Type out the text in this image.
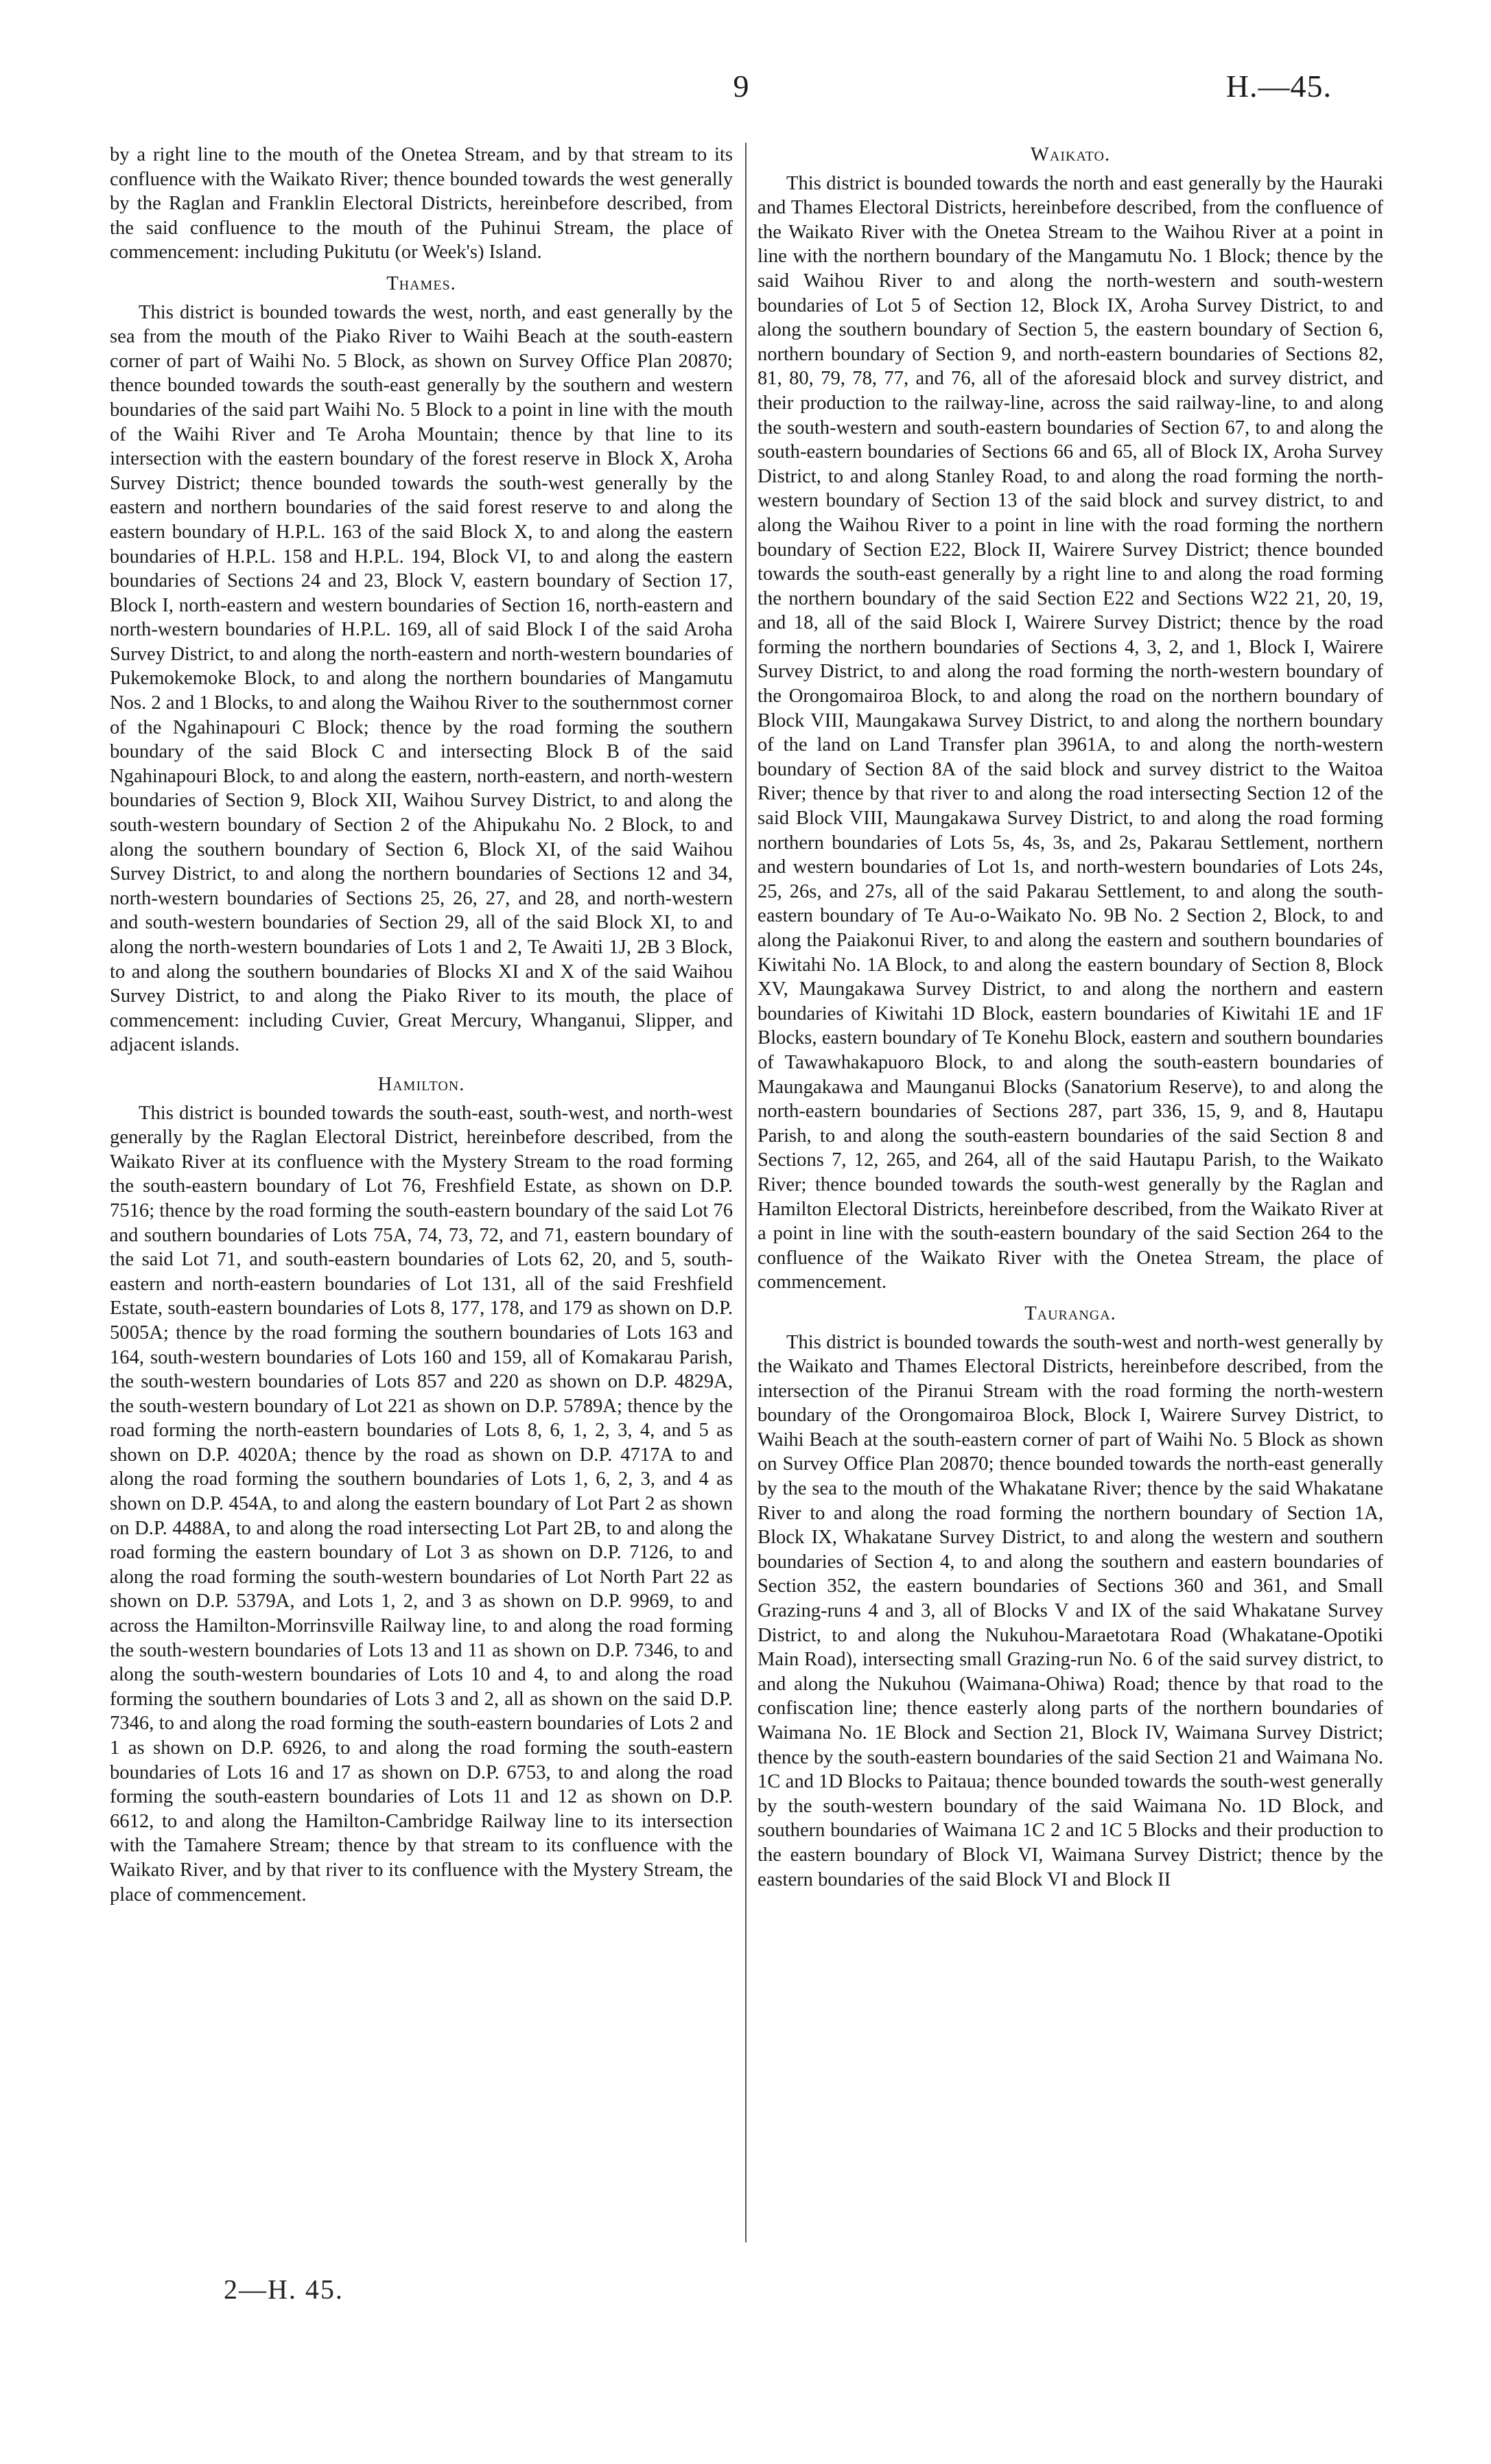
9	H.—45.

by a right line to the mouth of the Onetea Stream, and by that stream to its confluence with the Waikato River; thence bounded towards the west generally by the Raglan and Franklin Electoral Districts, hereinbefore described, from the said confluence to the mouth of the Puhinui Stream, the place of commencement: including Pukitutu (or Week's) Island.

Thames.

This district is bounded towards the west, north, and east generally by the sea from the mouth of the Piako River to Waihi Beach at the south-eastern corner of part of Waihi No. 5 Block, as shown on Survey Office Plan 20870; thence bounded towards the south-east generally by the southern and western boundaries of the said part Waihi No. 5 Block to a point in line with the mouth of the Waihi River and Te Aroha Mountain; thence by that line to its intersection with the eastern boundary of the forest reserve in Block X, Aroha Survey District; thence bounded towards the south-west generally by the eastern and northern boundaries of the said forest reserve to and along the eastern boundary of H.P.L. 163 of the said Block X, to and along the eastern boundaries of H.P.L. 158 and H.P.L. 194, Block VI, to and along the eastern boundaries of Sections 24 and 23, Block V, eastern boundary of Section 17, Block I, north-eastern and western boundaries of Section 16, north-eastern and north-western boundaries of H.P.L. 169, all of said Block I of the said Aroha Survey District, to and along the north-eastern and north-western boundaries of Pukemokemoke Block, to and along the northern boundaries of Mangamutu Nos. 2 and 1 Blocks, to and along the Waihou River to the southernmost corner of the Ngahinapouri C Block; thence by the road forming the southern boundary of the said Block C and intersecting Block B of the said Ngahinapouri Block, to and along the eastern, north-eastern, and north-western boundaries of Section 9, Block XII, Waihou Survey District, to and along the south-western boundary of Section 2 of the Ahipukahu No. 2 Block, to and along the southern boundary of Section 6, Block XI, of the said Waihou Survey District, to and along the northern boundaries of Sections 12 and 34, north-western boundaries of Sections 25, 26, 27, and 28, and north-western and south-western boundaries of Section 29, all of the said Block XI, to and along the north-western boundaries of Lots 1 and 2, Te Awaiti 1J, 2B 3 Block, to and along the southern boundaries of Blocks XI and X of the said Waihou Survey District, to and along the Piako River to its mouth, the place of commencement: including Cuvier, Great Mercury, Whanganui, Slipper, and adjacent islands.

Hamilton.

This district is bounded towards the south-east, south-west, and north-west generally by the Raglan Electoral District, hereinbefore described, from the Waikato River at its confluence with the Mystery Stream to the road forming the south-eastern boundary of Lot 76, Freshfield Estate, as shown on D.P. 7516; thence by the road forming the south-eastern boundary of the said Lot 76 and southern boundaries of Lots 75A, 74, 73, 72, and 71, eastern boundary of the said Lot 71, and south-eastern boundaries of Lots 62, 20, and 5, south-eastern and north-eastern boundaries of Lot 131, all of the said Freshfield Estate, south-eastern boundaries of Lots 8, 177, 178, and 179 as shown on D.P. 5005A; thence by the road forming the southern boundaries of Lots 163 and 164, south-western boundaries of Lots 160 and 159, all of Komakarau Parish, the south-western boundaries of Lots 857 and 220 as shown on D.P. 4829A, the south-western boundary of Lot 221 as shown on D.P. 5789A; thence by the road forming the north-eastern boundaries of Lots 8, 6, 1, 2, 3, 4, and 5 as shown on D.P. 4020A; thence by the road as shown on D.P. 4717A to and along the road forming the southern boundaries of Lots 1, 6, 2, 3, and 4 as shown on D.P. 454A, to and along the eastern boundary of Lot Part 2 as shown on D.P. 4488A, to and along the road intersecting Lot Part 2B, to and along the road forming the eastern boundary of Lot 3 as shown on D.P. 7126, to and along the road forming the south-western boundaries of Lot North Part 22 as shown on D.P. 5379A, and Lots 1, 2, and 3 as shown on D.P. 9969, to and across the Hamilton-Morrinsville Railway line, to and along the road forming the south-western boundaries of Lots 13 and 11 as shown on D.P. 7346, to and along the south-western boundaries of Lots 10 and 4, to and along the road forming the southern boundaries of Lots 3 and 2, all as shown on the said D.P. 7346, to and along the road forming the south-eastern boundaries of Lots 2 and 1 as shown on D.P. 6926, to and along the road forming the south-eastern boundaries of Lots 16 and 17 as shown on D.P. 6753, to and along the road forming the south-eastern boundaries of Lots 11 and 12 as shown on D.P. 6612, to and along the Hamilton-Cambridge Railway line to its intersection with the Tamahere Stream; thence by that stream to its confluence with the Waikato River, and by that river to its confluence with the Mystery Stream, the place of commencement.

Waikato.

This district is bounded towards the north and east generally by the Hauraki and Thames Electoral Districts, hereinbefore described, from the confluence of the Waikato River with the Onetea Stream to the Waihou River at a point in line with the northern boundary of the Mangamutu No. 1 Block; thence by the said Waihou River to and along the north-western and south-western boundaries of Lot 5 of Section 12, Block IX, Aroha Survey District, to and along the southern boundary of Section 5, the eastern boundary of Section 6, northern boundary of Section 9, and north-eastern boundaries of Sections 82, 81, 80, 79, 78, 77, and 76, all of the aforesaid block and survey district, and their production to the railway-line, across the said railway-line, to and along the south-western and south-eastern boundaries of Section 67, to and along the south-eastern boundaries of Sections 66 and 65, all of Block IX, Aroha Survey District, to and along Stanley Road, to and along the road forming the north-western boundary of Section 13 of the said block and survey district, to and along the Waihou River to a point in line with the road forming the northern boundary of Section E22, Block II, Wairere Survey District; thence bounded towards the south-east generally by a right line to and along the road forming the northern boundary of the said Section E22 and Sections W22 21, 20, 19, and 18, all of the said Block I, Wairere Survey District; thence by the road forming the northern boundaries of Sections 4, 3, 2, and 1, Block I, Wairere Survey District, to and along the road forming the north-western boundary of the Orongomairoa Block, to and along the road on the northern boundary of Block VIII, Maungakawa Survey District, to and along the northern boundary of the land on Land Transfer plan 3961A, to and along the north-western boundary of Section 8A of the said block and survey district to the Waitoa River; thence by that river to and along the road intersecting Section 12 of the said Block VIII, Maungakawa Survey District, to and along the road forming northern boundaries of Lots 5s, 4s, 3s, and 2s, Pakarau Settlement, northern and western boundaries of Lot 1s, and north-western boundaries of Lots 24s, 25, 26s, and 27s, all of the said Pakarau Settlement, to and along the south-eastern boundary of Te Au-o-Waikato No. 9B No. 2 Section 2, Block, to and along the Paiakonui River, to and along the eastern and southern boundaries of Kiwitahi No. 1A Block, to and along the eastern boundary of Section 8, Block XV, Maungakawa Survey District, to and along the northern and eastern boundaries of Kiwitahi 1D Block, eastern boundaries of Kiwitahi 1E and 1F Blocks, eastern boundary of Te Konehu Block, eastern and southern boundaries of Tawawhakapuoro Block, to and along the south-eastern boundaries of Maungakawa and Maunganui Blocks (Sanatorium Reserve), to and along the north-eastern boundaries of Sections 287, part 336, 15, 9, and 8, Hautapu Parish, to and along the south-eastern boundaries of the said Section 8 and Sections 7, 12, 265, and 264, all of the said Hautapu Parish, to the Waikato River; thence bounded towards the south-west generally by the Raglan and Hamilton Electoral Districts, hereinbefore described, from the Waikato River at a point in line with the south-eastern boundary of the said Section 264 to the confluence of the Waikato River with the Onetea Stream, the place of commencement.

Tauranga.

This district is bounded towards the south-west and north-west generally by the Waikato and Thames Electoral Districts, hereinbefore described, from the intersection of the Piranui Stream with the road forming the north-western boundary of the Orongomairoa Block, Block I, Wairere Survey District, to Waihi Beach at the south-eastern corner of part of Waihi No. 5 Block as shown on Survey Office Plan 20870; thence bounded towards the north-east generally by the sea to the mouth of the Whakatane River; thence by the said Whakatane River to and along the road forming the northern boundary of Section 1A, Block IX, Whakatane Survey District, to and along the western and southern boundaries of Section 4, to and along the southern and eastern boundaries of Section 352, the eastern boundaries of Sections 360 and 361, and Small Grazing-runs 4 and 3, all of Blocks V and IX of the said Whakatane Survey District, to and along the Nukuhou-Maraetotara Road (Whakatane-Opotiki Main Road), intersecting small Grazing-run No. 6 of the said survey district, to and along the Nukuhou (Waimana-Ohiwa) Road; thence by that road to the confiscation line; thence easterly along parts of the northern boundaries of Waimana No. 1E Block and Section 21, Block IV, Waimana Survey District; thence by the south-eastern boundaries of the said Section 21 and Waimana No. 1C and 1D Blocks to Paitaua; thence bounded towards the south-west generally by the south-western boundary of the said Waimana No. 1D Block, and southern boundaries of Waimana 1C 2 and 1C 5 Blocks and their production to the eastern boundary of Block VI, Waimana Survey District; thence by the eastern boundaries of the said Block VI and Block II

2—H. 45.
